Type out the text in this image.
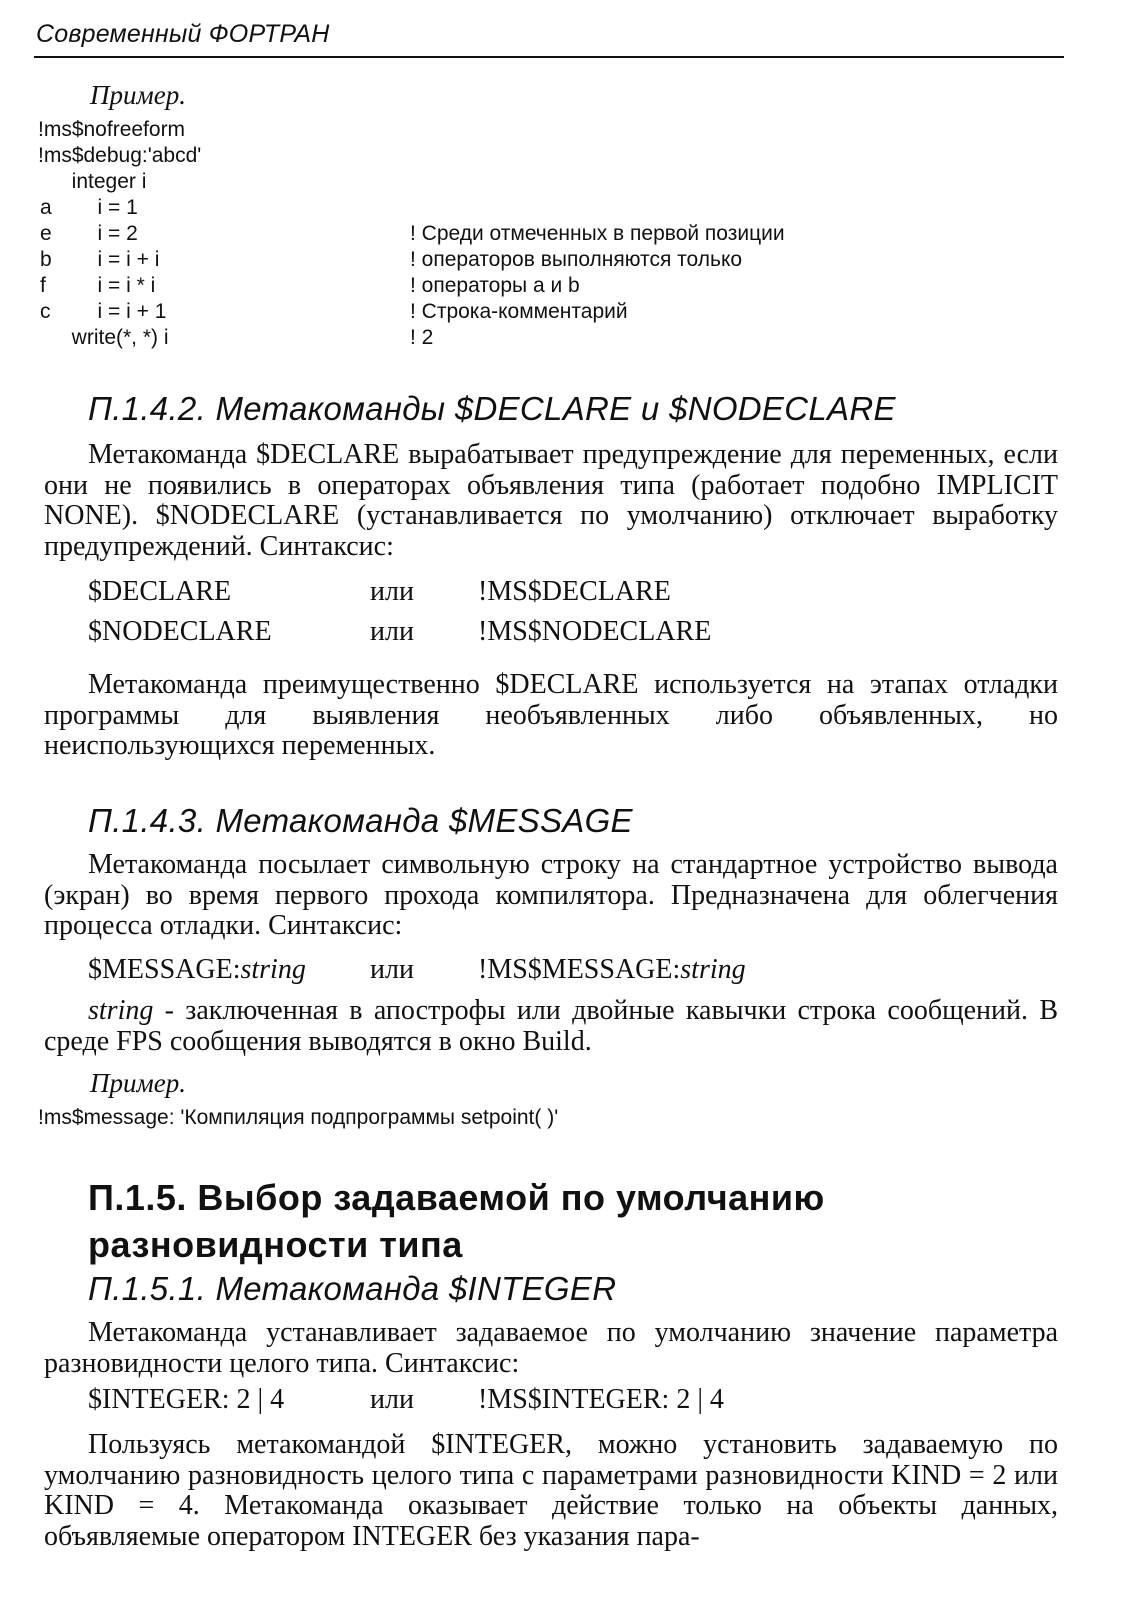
Современный ФОРТРАН
Пример.
!ms$nofreeform
!ms$debug:'abcd'
integer i
a i = 1
e i = 2	! Среди отмеченных в первой позиции
b i = i + i	! операторов выполняются только
f i = i * i	! операторы a и b
c i = i + 1	! Строка-комментарий
write(*, *) i	! 2
П.1.4.2. Метакоманды $DECLARE и $NODECLARE

Метакоманда $DECLARE вырабатывает предупреждение для переменных, если они не появились в операторах объявления типа (работает подобно IMPLICIT NONE). $NODECLARE (устанавливается по умолчанию) отключает выработку предупреждений. Синтаксис:

$DECLARE	или !MS$DECLARE
$NODECLARE	или !MS$NODECLARE

Метакоманда преимущественно $DECLARE используется на этапах отладки программы для выявления необъявленных либо объявленных, но неиспользующихся переменных.

П.1.4.3. Метакоманда $MESSAGE

Метакоманда посылает символьную строку на стандартное устройство вывода (экран) во время первого прохода компилятора. Предназначена для облегчения процесса отладки. Синтаксис:

$MESSAGE:string или !MS$MESSAGE:string

string - заключенная в апострофы или двойные кавычки строка сообщений. В среде FPS сообщения выводятся в окно Build.

Пример.
!ms$message: 'Компиляция подпрограммы setpoint( )'
П.1.5. Выбор задаваемой по умолчанию
разновидности типа
П.1.5.1. Метакоманда $INTEGER

Метакоманда устанавливает задаваемое по умолчанию значение параметра разновидности целого типа. Синтаксис:

$INTEGER: 2 | 4	или !MS$INTEGER: 2 | 4

Пользуясь метакомандой $INTEGER, можно установить задаваемую по умолчанию разновидность целого типа с параметрами разновидности KIND = 2 или KIND = 4. Метакоманда оказывает действие только на объекты данных, объявляемые оператором INTEGER без указания пара-
